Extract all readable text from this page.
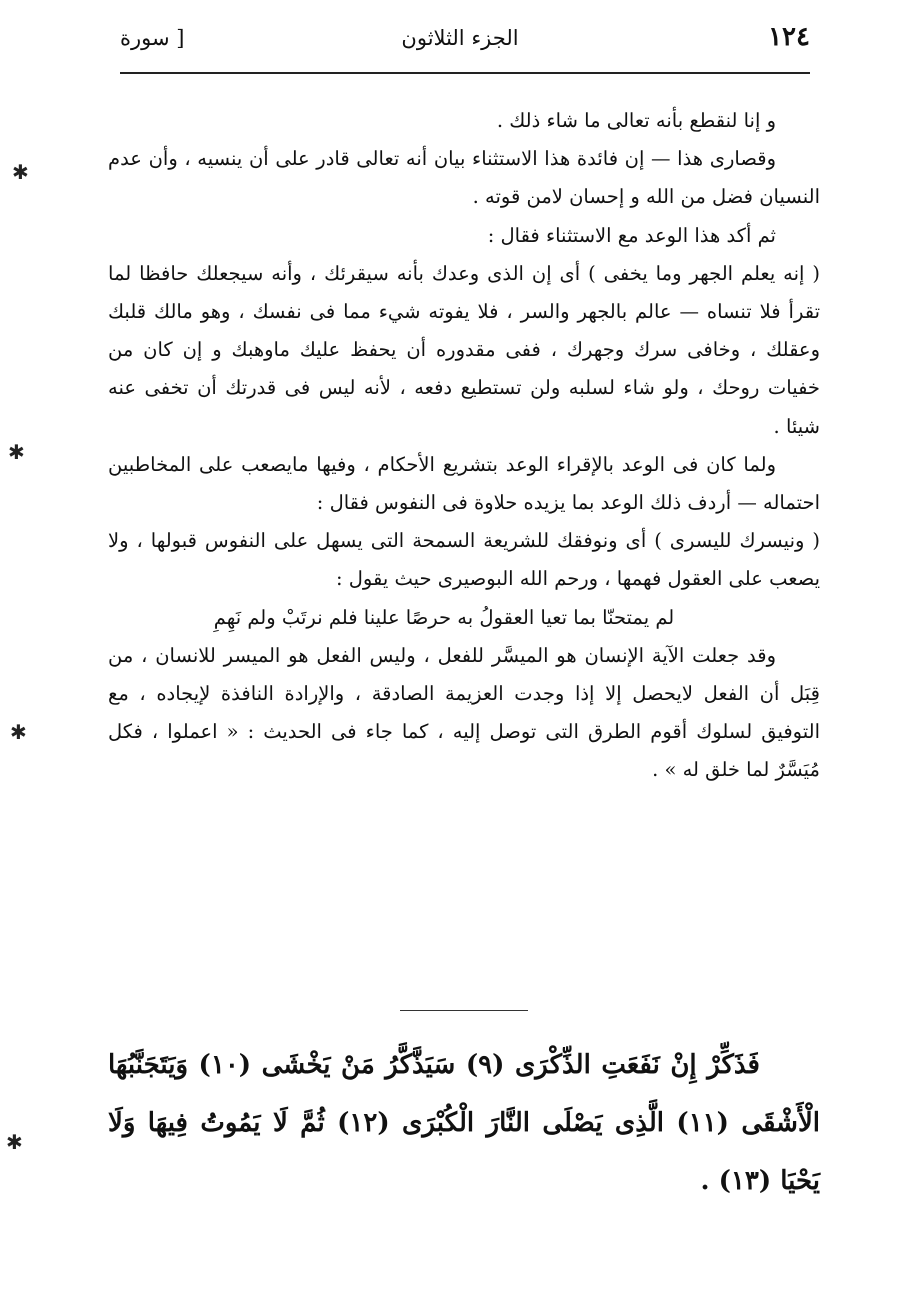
١٢٤
الجزء الثلاثون
[ سورة

و إنا لنقطع بأنه تعالى ما شاء ذلك .

وقصارى هذا — إن فائدة هذا الاستثناء بيان أنه تعالى قادر على أن ينسيه ، وأن عدم النسيان فضل من الله و إحسان لامن قوته .

ثم أكد هذا الوعد مع الاستثناء فقال :

( إنه يعلم الجهر وما يخفى ) أى إن الذى وعدك بأنه سيقرئك ، وأنه سيجعلك حافظا لما تقرأ فلا تنساه — عالم بالجهر والسر ، فلا يفوته شيء مما فى نفسك ، وهو مالك قلبك وعقلك ، وخافى سرك وجهرك ، ففى مقدوره أن يحفظ عليك ماوهبك و إن كان من خفيات روحك ، ولو شاء لسلبه ولن تستطيع دفعه ، لأنه ليس فى قدرتك أن تخفى عنه شيئا .

ولما كان فى الوعد بالإقراء الوعد بتشريع الأحكام ، وفيها مايصعب على المخاطبين احتماله — أردف ذلك الوعد بما يزيده حلاوة فى النفوس فقال :

( ونيسرك لليسرى ) أى ونوفقك للشريعة السمحة التى يسهل على النفوس قبولها ، ولا يصعب على العقول فهمها ، ورحم الله البوصيرى حيث يقول :

لم يمتحنّا بما تعيا العقولُ به حرصًا علينا فلم نرتَبْ ولم نَهِمِ

وقد جعلت الآية الإنسان هو الميسَّر للفعل ، وليس الفعل هو الميسر للانسان ، من قِبَل أن الفعل لايحصل إلا إذا وجدت العزيمة الصادقة ، والإرادة النافذة لإيجاده ، مع التوفيق لسلوك أقوم الطرق التى توصل إليه ، كما جاء فى الحديث : « اعملوا ، فكل مُيَسَّرٌ لما خلق له » .

فَذَكِّرْ إِنْ نَفَعَتِ الذِّكْرَى (٩) سَيَذَّكَّرُ مَنْ يَخْشَى (١٠) وَيَتَجَنَّبُهَا الْأَشْقَى (١١) الَّذِى يَصْلَى النَّارَ الْكُبْرَى (١٢) ثُمَّ لَا يَمُوتُ فِيهَا وَلَا يَحْيَا (١٣) .

✱
✱
✱
✱
